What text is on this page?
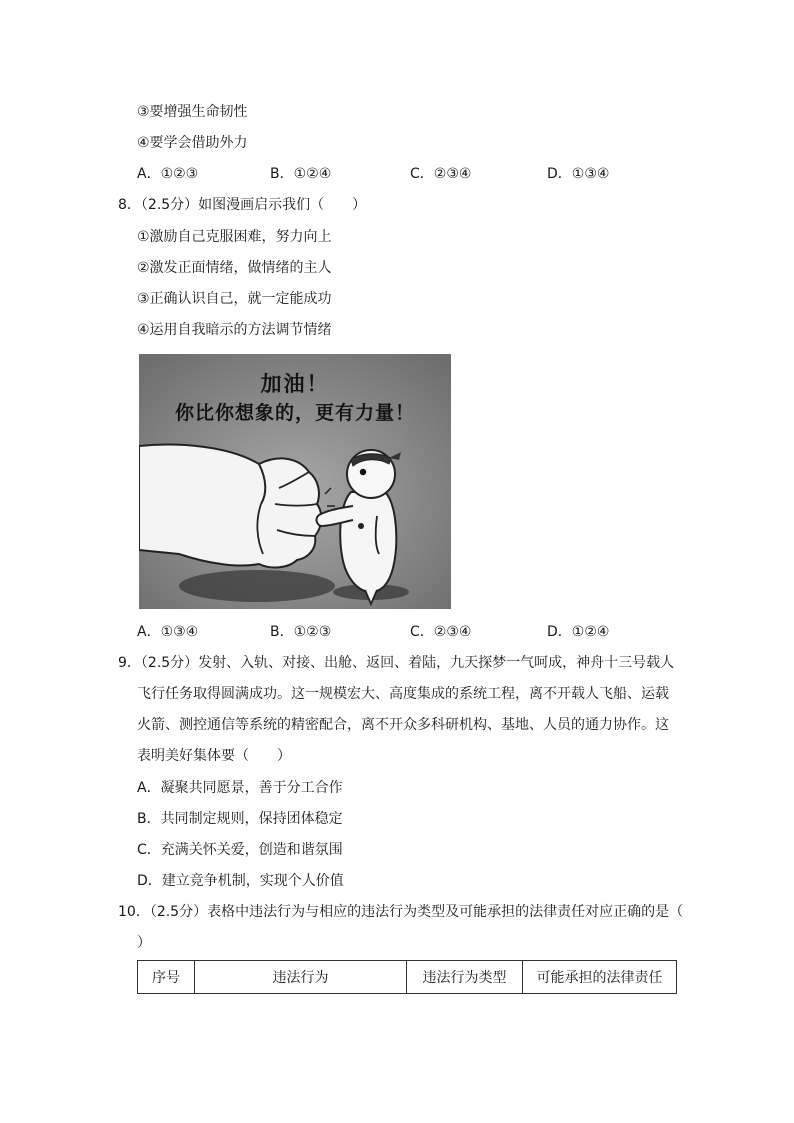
③要增强生命韧性
④要学会借助外力
A．①②③	B．①②④	C．②③④	D．①③④
8．（2.5分）如图漫画启示我们（　　）
①激励自己克服困难，努力向上
②激发正面情绪，做情绪的主人
③正确认识自己，就一定能成功
④运用自我暗示的方法调节情绪
加油！
你比你想象的，更有力量！
A．①③④	B．①②③	C．②③④	D．①②④
9．（2.5分）发射、入轨、对接、出舱、返回、着陆，九天探梦一气呵成，神舟十三号载人
飞行任务取得圆满成功。这一规模宏大、高度集成的系统工程，离不开载人飞船、运载
火箭、测控通信等系统的精密配合，离不开众多科研机构、基地、人员的通力协作。这
表明美好集体要（　　）
A．凝聚共同愿景，善于分工合作
B．共同制定规则，保持团体稳定
C．充满关怀关爱，创造和谐氛围
D．建立竞争机制，实现个人价值
10．（2.5分）表格中违法行为与相应的违法行为类型及可能承担的法律责任对应正确的是（
）
序号	违法行为	违法行为类型	可能承担的法律责任
